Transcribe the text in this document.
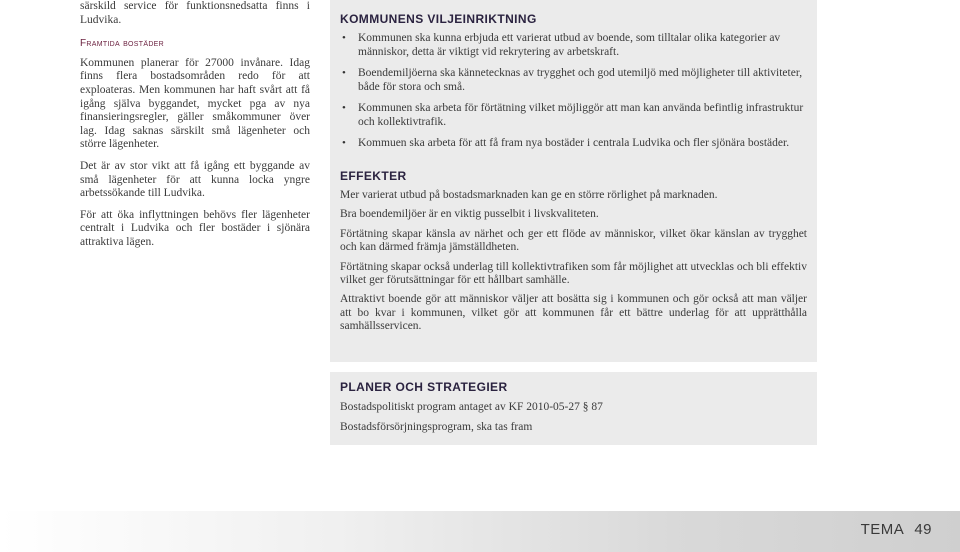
särskild service för funktionsnedsatta finns i Ludvika.

Framtida bostäder

Kommunen planerar för 27000 invånare. Idag finns flera bostadsområden redo för att exploateras. Men kommunen har haft svårt att få igång själva byggandet, mycket pga av nya finansieringsregler, gäller småkommuner över lag. Idag saknas särskilt små lägenheter och större lägenheter.

Det är av stor vikt att få igång ett byggande av små lägenheter för att kunna locka yngre arbetssökande till Ludvika.

För att öka inflyttningen behövs fler lägenheter centralt i Ludvika och fler bostäder i sjönära attraktiva lägen.

KOMMUNENS VILJEINRIKTNING
• Kommunen ska kunna erbjuda ett varierat utbud av boende, som tilltalar olika kategorier av människor, detta är viktigt vid rekrytering av arbetskraft.
• Boendemiljöerna ska kännetecknas av trygghet och god utemiljö med möjligheter till aktiviteter, både för stora och små.
• Kommunen ska arbeta för förtätning vilket möjliggör att man kan använda befintlig infrastruktur och kollektivtrafik.
• Kommuen ska arbeta för att få fram nya bostäder i centrala Ludvika och fler sjönära bostäder.
EFFEKTER

Mer varierat utbud på bostadsmarknaden kan ge en större rörlighet på marknaden.

Bra boendemiljöer är en viktig pusselbit i livskvaliteten.

Förtätning skapar känsla av närhet och ger ett flöde av människor, vilket ökar känslan av trygghet och kan därmed främja jämställdheten.

Förtätning skapar också underlag till kollektivtrafiken som får möjlighet att utvecklas och bli effektiv vilket ger förutsättningar för ett hållbart samhälle.

Attraktivt boende gör att människor väljer att bosätta sig i kommunen och gör också att man väljer att bo kvar i kommunen, vilket gör att kommunen får ett bättre underlag för att upprätthålla samhällsservicen.

PLANER OCH STRATEGIER

Bostadspolitiskt program antaget av KF 2010-05-27 § 87

Bostadsförsörjningsprogram, ska tas fram

TEMA 49
